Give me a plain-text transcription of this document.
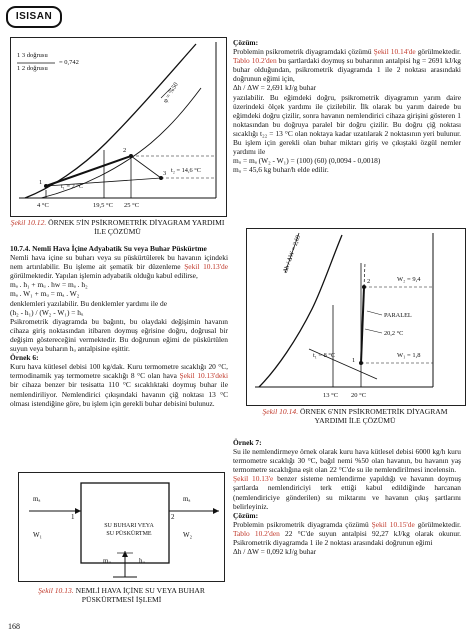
ISISAN
1 3 doğrusu
1 2 doğrusu
= 0,742
φ = %50
t₁ = 2 °C
t₂ = 14,6 °C
1
2
3
4 °C	19,5 °C 25 °C
Şekil 10.12. ÖRNEK 5'İN PSİKROMETRİK DİYAGRAM YARDIMI İLE ÇÖZÜMÜ
10.7.4. Nemli Hava İçine Adyabatik Su veya Buhar Püskürtme
Nemli hava içine su buharı veya su püskürtülerek bu havanın içindeki nem artırılabilir. Bu işleme ait şematik bir düzenleme Şekil 10.13'de görülmektedir. Yapılan işlemin adyabatik olduğu kabul edilirse,
mₐ . h₁ + mᵤ . hw = mₐ . h₂
mₐ . W₁ + mᵤ = mₐ . W₂
denklemleri yazılabilir. Bu denklemler yardımı ile de
(h₂ - h₁) / (W₂ - W₁) = hᵤ
Psikrometrik diyagramda bu bağıntı, bu olaydaki değişimin havanın cihaza giriş noktasından itibaren doymuş eğrisine doğru, doğrusal bir değişim göstereceğini vermektedir. Bu doğrunun eğimi de püskürtülen suyun veya buharın hᵤ antalpisine eşittir.
Örnek 6:
Kuru hava kütlesel debisi 100 kg/dak. Kuru termometre sıcaklığı 20 °C, termodinamik yaş termometre sıcaklığı 8 °C olan hava Şekil 10.13'deki bir cihaza benzer bir tesisatta 110 °C sıcaklıktaki doymuş buhar ile nemlendiriliyor. Nemlendirici çıkışındaki havanın çiğ noktası 13 °C olması istendiğine göre, bu işlem için gerekli buhar debisini bulunuz.
mₐ
W₁
1
mₐ
W₂
2
SU BUHARI VEYA SU PÜSKÜRTME
mᵤ	hᵤ
Şekil 10.13. NEMLİ HAVA İÇİNE SU VEYA BUHAR PÜSKÜRTMESİ İŞLEMİ
168
Çözüm:
Problemin psikrometrik diyagramdaki çözümü Şekil 10.14'de görülmektedir. Tablo 10.2'den bu şartlardaki doymuş su buharının antalpisi hg = 2691 kJ/kg buhar olduğundan, psikrometrik diyagramda 1 ile 2 noktası arasındaki doğrunun eğimi için,
Δh / ΔW = 2,691 kJ/g buhar
yazılabilir. Bu eğimdeki doğru, psikrometrik diyagramın yarım daire üzerindeki ölçek yardımı ile çizilebilir. İlk olarak bu yarım dairede bu eğimdeki doğru çizilir, sonra havanın nemlendirici cihaza girişini gösteren 1 noktasından bu doğruya paralel bir doğru çizilir. Bu doğru çiğ noktası sıcaklığı t₂₂ = 13 °C olan noktaya kadar uzatılarak 2 noktasının yeri bulunur. Bu işlem için gerekli olan buhar miktarı giriş ve çıkıştaki özgül nemler yardımı ile
mᵤ = mₐ (W₂ - W₁) = (100) (60) (0,0094 - 0,0018)
mᵤ = 45,6 kg buhar/h elde edilir.
Δh / ΔW = 2,69
PARALEL
20,2 °C
t₁ = 8 °C
W₂ = 9,4
W₁ = 1,8
1
2
13 °C 20 °C
Şekil 10.14. ÖRNEK 6'NIN PSİKROMETRİK DİYAGRAM YARDIMI İLE ÇÖZÜMÜ
Örnek 7:
Su ile nemlendirmeye örnek olarak kuru hava kütlesel debisi 6000 kg/h kuru termometre sıcaklığı 30 °C, bağıl nemi %50 olan havanın, bu havanın yaş termometre sıcaklığına eşit olan 22 °C'de su ile nemlendirilmesi incelensin.
Şekil 10.13'e benzer sisteme nemlendirme yapıldığı ve havanın doymuş şartlarda nemlendiriciyi terk ettiği kabul edildiğinde harcanan (nemlendiriciye gönderilen) su miktarını ve havanın çıkış şartlarını belirleyiniz.
Çözüm:
Problemin psikrometrik diyagramda çözümü Şekil 10.15'de görülmektedir. Tablo 10.2'den 22 °C'de suyun antalpisi 92,27 kJ/kg olarak okunur. Psikrometrik diyagramda 1 ile 2 noktası arasındaki doğrunun eğimi
Δh / ΔW = 0,092 kJ/g buhar
